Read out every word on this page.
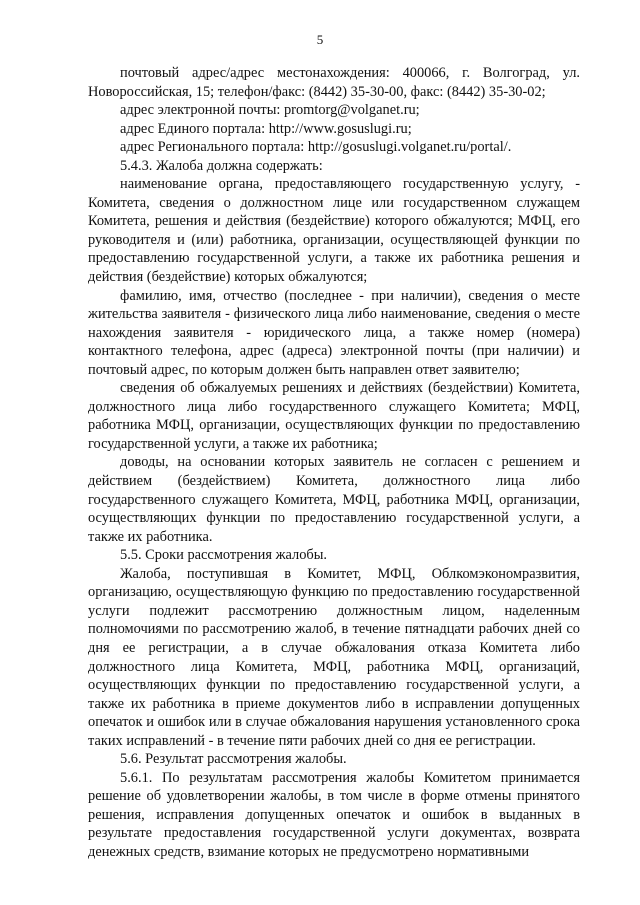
5

почтовый адрес/адрес местонахождения: 400066, г. Волгоград, ул. Новороссийская, 15; телефон/факс: (8442) 35-30-00, факс: (8442) 35-30-02;

адрес электронной почты: promtorg@volganet.ru;

адрес Единого портала: http://www.gosuslugi.ru;

адрес Регионального портала: http://gosuslugi.volganet.ru/portal/.

5.4.3. Жалоба должна содержать:

наименование органа, предоставляющего государственную услугу, - Комитета, сведения о должностном лице или государственном служащем Комитета, решения и действия (бездействие) которого обжалуются; МФЦ, его руководителя и (или) работника, организации, осуществляющей функции по предоставлению государственной услуги, а также их работника решения и действия (бездействие) которых обжалуются;

фамилию, имя, отчество (последнее - при наличии), сведения о месте жительства заявителя - физического лица либо наименование, сведения о месте нахождения заявителя - юридического лица, а также номер (номера) контактного телефона, адрес (адреса) электронной почты (при наличии) и почтовый адрес, по которым должен быть направлен ответ заявителю;

сведения об обжалуемых решениях и действиях (бездействии) Комитета, должностного лица либо государственного служащего Комитета; МФЦ, работника МФЦ, организации, осуществляющих функции по предоставлению государственной услуги, а также их работника;

доводы, на основании которых заявитель не согласен с решением и действием (бездействием) Комитета, должностного лица либо государственного служащего Комитета, МФЦ, работника МФЦ, организации, осуществляющих функции по предоставлению государственной услуги, а также их работника.

5.5. Сроки рассмотрения жалобы.

Жалоба, поступившая в Комитет, МФЦ, Облкомэкономразвития, организацию, осуществляющую функцию по предоставлению государственной услуги подлежит рассмотрению должностным лицом, наделенным полномочиями по рассмотрению жалоб, в течение пятнадцати рабочих дней со дня ее регистрации, а в случае обжалования отказа Комитета либо должностного лица Комитета, МФЦ, работника МФЦ, организаций, осуществляющих функции по предоставлению государственной услуги, а также их работника в приеме документов либо в исправлении допущенных опечаток и ошибок или в случае обжалования нарушения установленного срока таких исправлений - в течение пяти рабочих дней со дня ее регистрации.

5.6. Результат рассмотрения жалобы.

5.6.1. По результатам рассмотрения жалобы Комитетом принимается решение об удовлетворении жалобы, в том числе в форме отмены принятого решения, исправления допущенных опечаток и ошибок в выданных в результате предоставления государственной услуги документах, возврата денежных средств, взимание которых не предусмотрено нормативными
